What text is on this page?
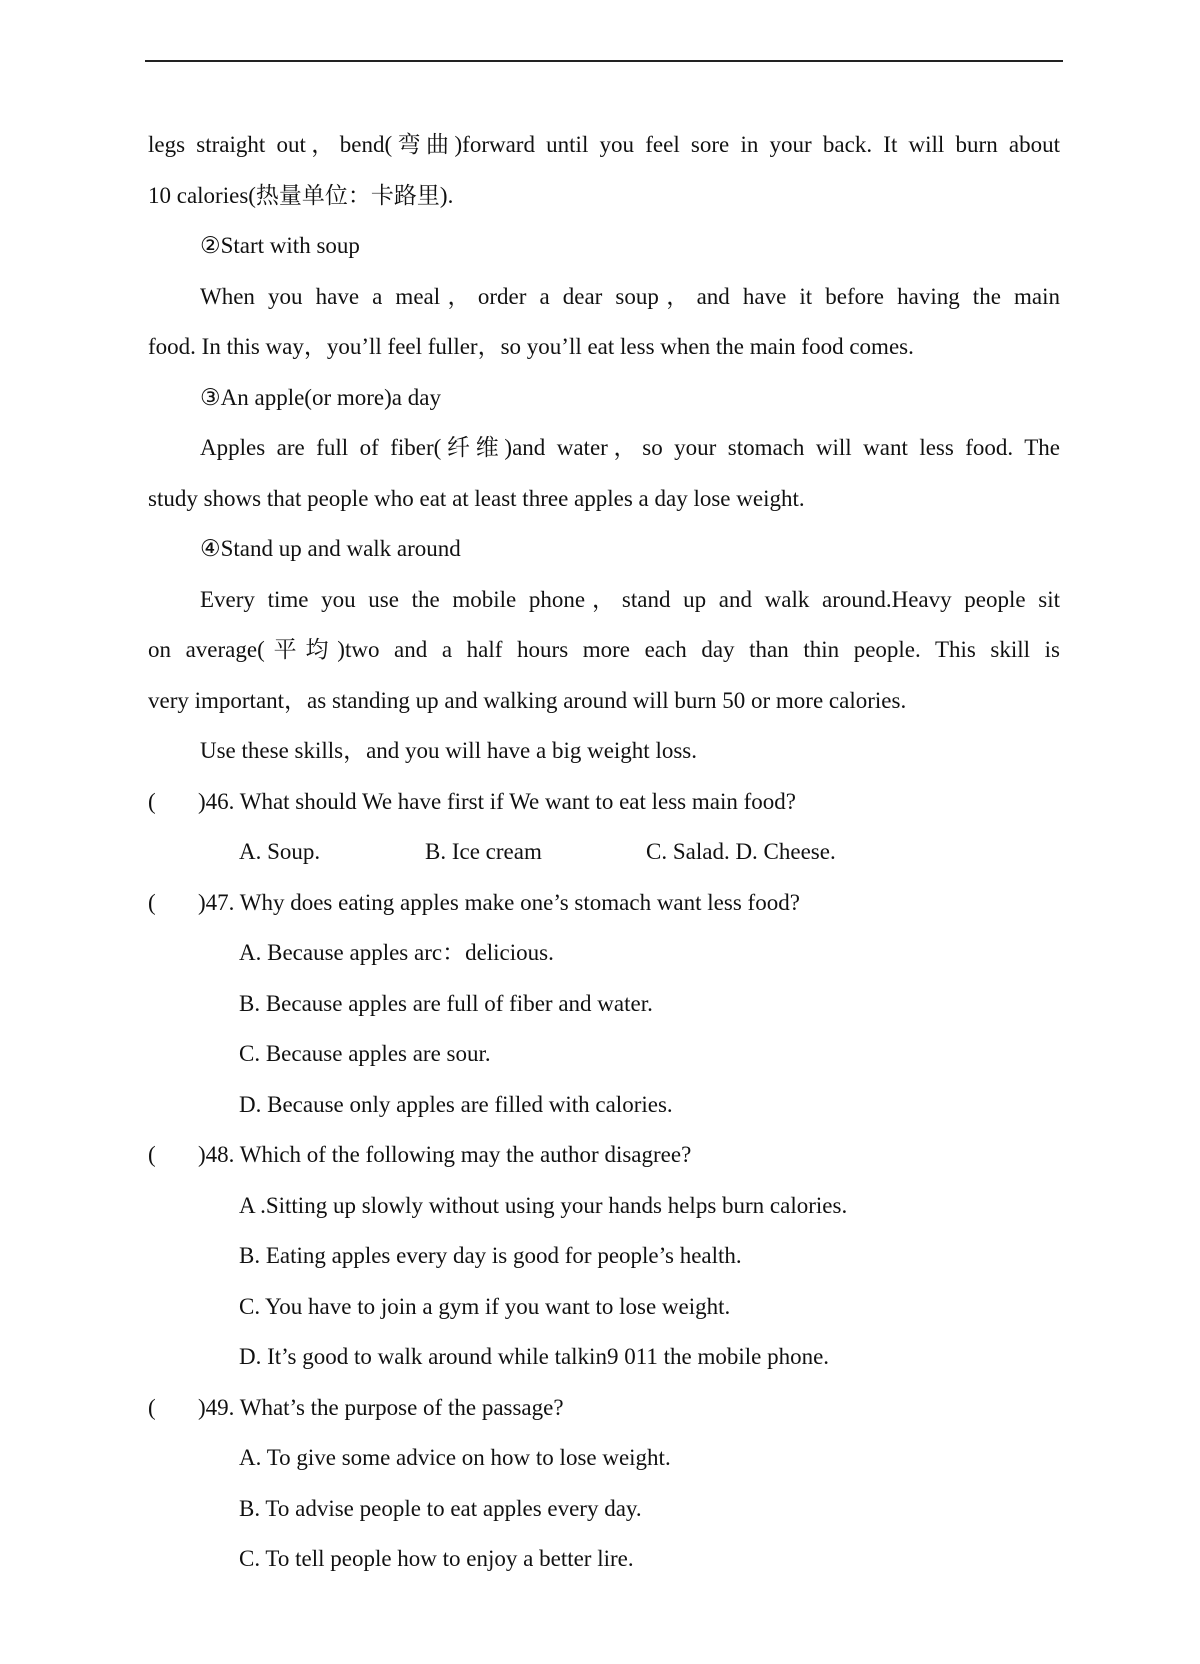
legs straight out，bend(弯曲)forward until you feel sore in your back. It will burn about
10 calories(热量单位：卡路里).
②Start with soup
When you have a meal，order a dear soup，and have it before having the main
food. In this way，you’ll feel fuller，so you’ll eat less when the main food comes.
③An apple(or more)a day
Apples are full of fiber(纤维)and water，so your stomach will want less food. The
study shows that people who eat at least three apples a day lose weight.
④Stand up and walk around
Every time you use the mobile phone，stand up and walk around.Heavy people sit
on average(平均)two and a half hours more each day than thin people. This skill is
very important，as standing up and walking around will burn 50 or more calories.
Use these skills，and you will have a big weight loss.
(	)46. What should We have first if We want to eat less main food?
A. Soup.	B. Ice cream	C. Salad. D. Cheese.
(	)47. Why does eating apples make one’s stomach want less food?
A. Because apples arc：delicious.
B. Because apples are full of fiber and water.
C. Because apples are sour.
D. Because only apples are filled with calories.
(	)48. Which of the following may the author disagree?
A .Sitting up slowly without using your hands helps burn calories.
B. Eating apples every day is good for people’s health.
C. You have to join a gym if you want to lose weight.
D. It’s good to walk around while talkin9 011 the mobile phone.
(	)49. What’s the purpose of the passage?
A. To give some advice on how to lose weight.
B. To advise people to eat apples every day.
C. To tell people how to enjoy a better lire.
